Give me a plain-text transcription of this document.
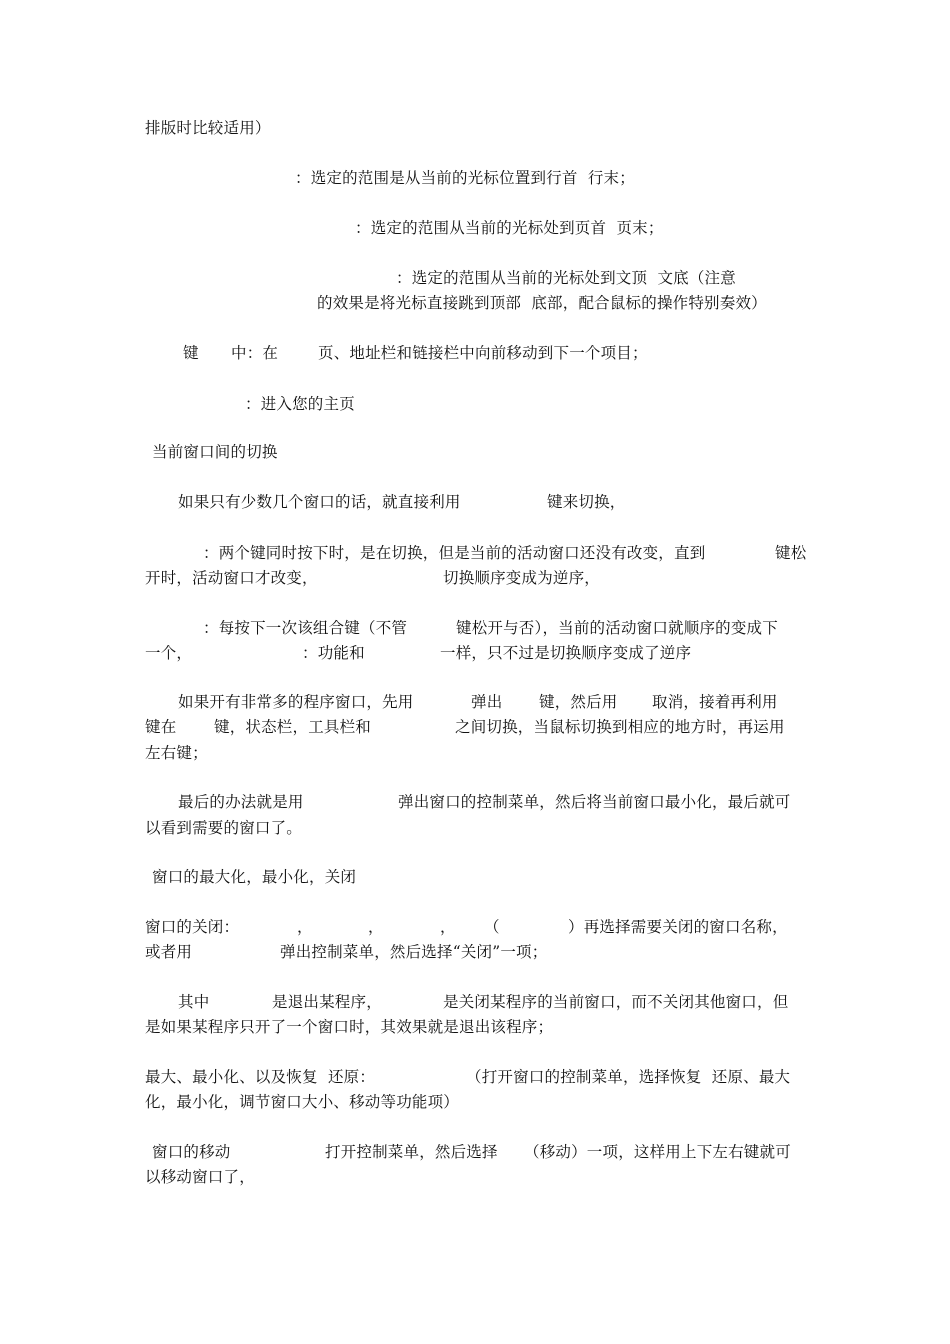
排版时比较适用）
：选定的范围是从当前的光标位置到行首  行末；
：选定的范围从当前的光标处到页首  页末；
：选定的范围从当前的光标处到文顶  文底（注意
的效果是将光标直接跳到顶部  底部，配合鼠标的操作特别奏效）
键 中：在	页、地址栏和链接栏中向前移动到下一个项目；
：进入您的主页
当前窗口间的切换
如果只有少数几个窗口的话，就直接利用	键来切换，
：两个键同时按下时，是在切换，但是当前的活动窗口还没有改变，直到	键松
开时，活动窗口才改变，	切换顺序变成为逆序，
：每按下一次该组合键（不管	键松开与否），当前的活动窗口就顺序的变成下
一个，	：功能和	一样，只不过是切换顺序变成了逆序
如果开有非常多的程序窗口，先用	弹出 键，然后用 取消，接着再利用
键在 键，状态栏，工具栏和	之间切换，当鼠标切换到相应的地方时，再运用
左右键；
最后的办法就是用	弹出窗口的控制菜单，然后将当前窗口最小化，最后就可
以看到需要的窗口了。
窗口的最大化，最小化，关闭
窗口的关闭：	，	，	， （	）再选择需要关闭的窗口名称，
或者用	弹出控制菜单，然后选择“关闭”一项；
其中	是退出某程序，	是关闭某程序的当前窗口，而不关闭其他窗口，但
是如果某程序只开了一个窗口时，其效果就是退出该程序；
最大、最小化、以及恢复  还原：	（打开窗口的控制菜单，选择恢复  还原、最大
化，最小化，调节窗口大小、移动等功能项）
窗口的移动	打开控制菜单，然后选择 （移动）一项，这样用上下左右键就可
以移动窗口了，
